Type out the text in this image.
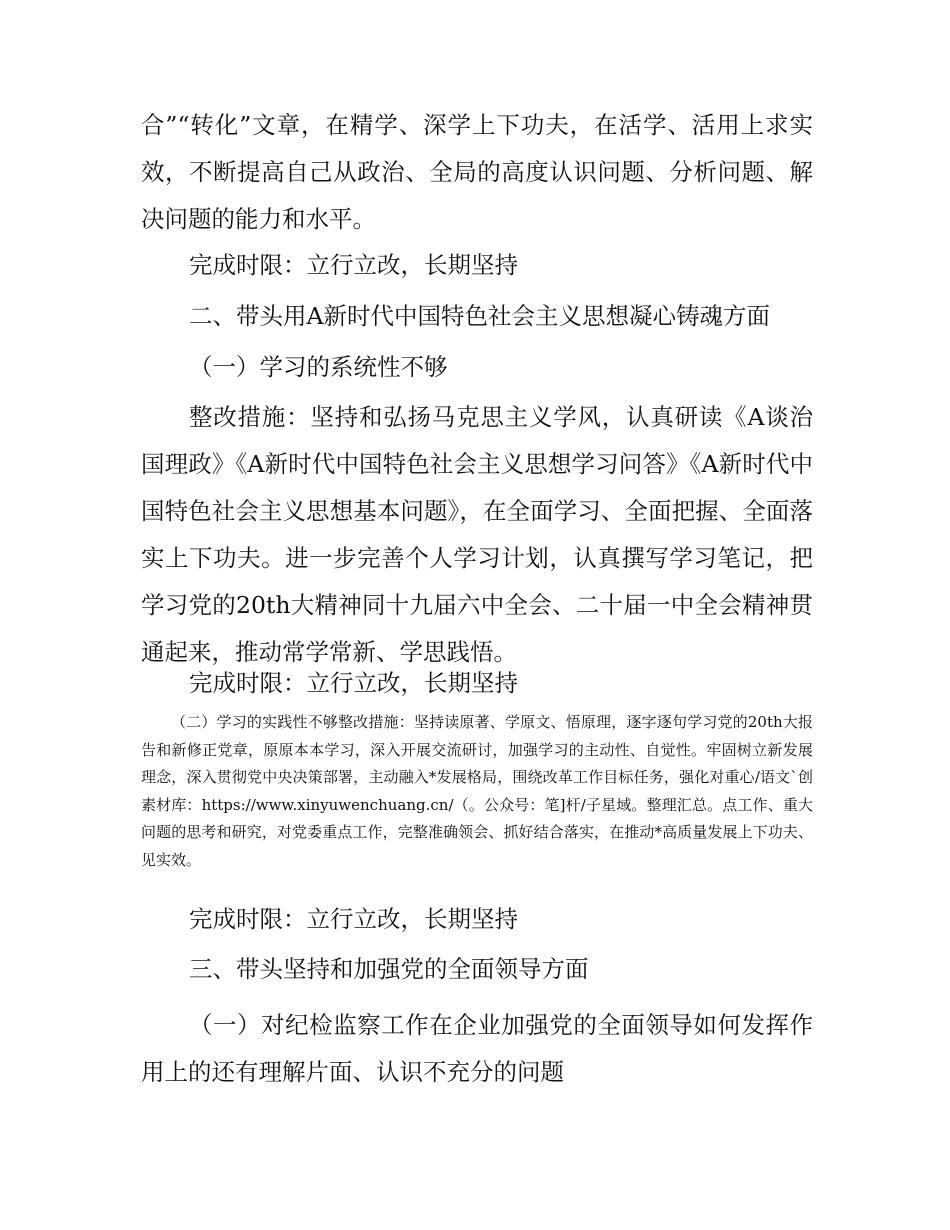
合”“转化”文章，在精学、深学上下功夫，在活学、活用上求实效，不断提高自己从政治、全局的高度认识问题、分析问题、解决问题的能力和水平。

完成时限：立行立改，长期坚持

二、带头用A新时代中国特色社会主义思想凝心铸魂方面

（一）学习的系统性不够

整改措施：坚持和弘扬马克思主义学风，认真研读《A谈治国理政》《A新时代中国特色社会主义思想学习问答》《A新时代中国特色社会主义思想基本问题》，在全面学习、全面把握、全面落实上下功夫。进一步完善个人学习计划，认真撰写学习笔记，把学习党的20th大精神同十九届六中全会、二十届一中全会精神贯通起来，推动常学常新、学思践悟。

完成时限：立行立改，长期坚持

（二）学习的实践性不够整改措施：坚持读原著、学原文、悟原理，逐字逐句学习党的20th大报告和新修正党章，原原本本学习，深入开展交流研讨，加强学习的主动性、自觉性。牢固树立新发展理念，深入贯彻党中央决策部署，主动融入*发展格局，围绕改革工作目标任务，强化对重心/语文`创素材库：https://www.xinyuwenchuang.cn/（。公众号：笔]杆/子星域。整理汇总。点工作、重大问题的思考和研究，对党委重点工作，完整准确领会、抓好结合落实，在推动*高质量发展上下功夫、见实效。

完成时限：立行立改，长期坚持

三、带头坚持和加强党的全面领导方面

（一）对纪检监察工作在企业加强党的全面领导如何发挥作用上的还有理解片面、认识不充分的问题
